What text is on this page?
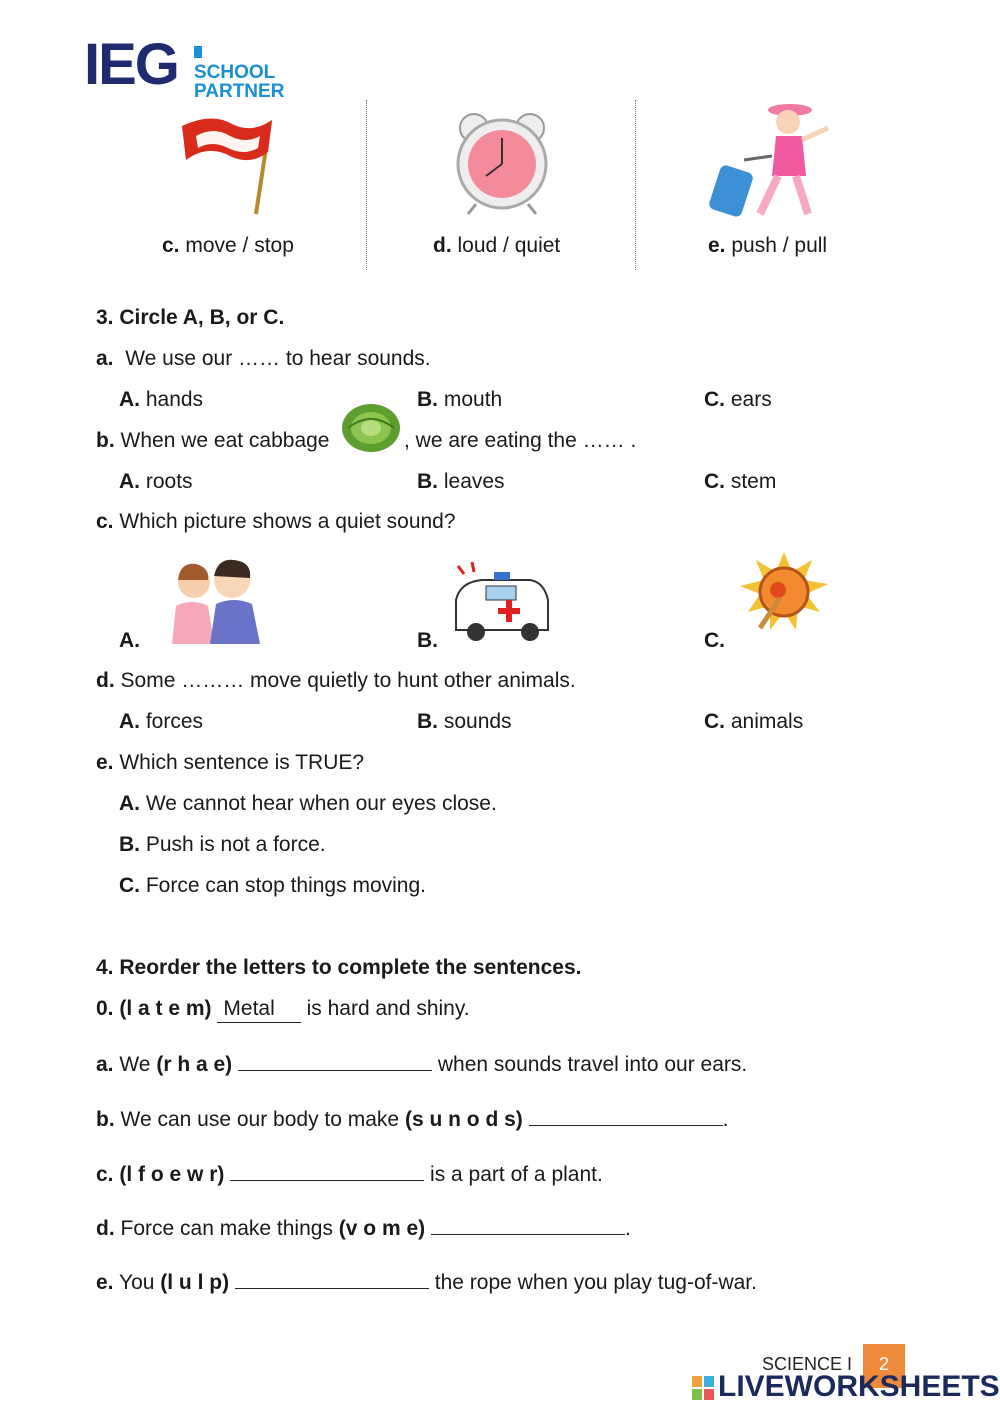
IEG SCHOOL
PARTNER
c. move / stop	d. loud / quiet	e. push / pull
3. Circle A, B, or C.
a. We use our …… to hear sounds.
A. hands	B. mouth	C. ears
b. When we eat cabbage	, we are eating the …… .
A. roots	B. leaves	C. stem
c. Which picture shows a quiet sound?
A.	B.	C.
d. Some ……… move quietly to hunt other animals.
A. forces	B. sounds	C. animals
e. Which sentence is TRUE?
A. We cannot hear when our eyes close.
B. Push is not a force.
C. Force can stop things moving.
4. Reorder the letters to complete the sentences.
0. (l a t e m) Metal is hard and shiny.
a. We (r h a e)	when sounds travel into our ears.
b. We can use our body to make (s u n o d s)	.
c. (l f o e w r)	is a part of a plant.
d. Force can make things (v o m e)	.
e. You (l u l p)	the rope when you play tug-of-war.
SCIENCE I	2
LIVEWORKSHEETS
